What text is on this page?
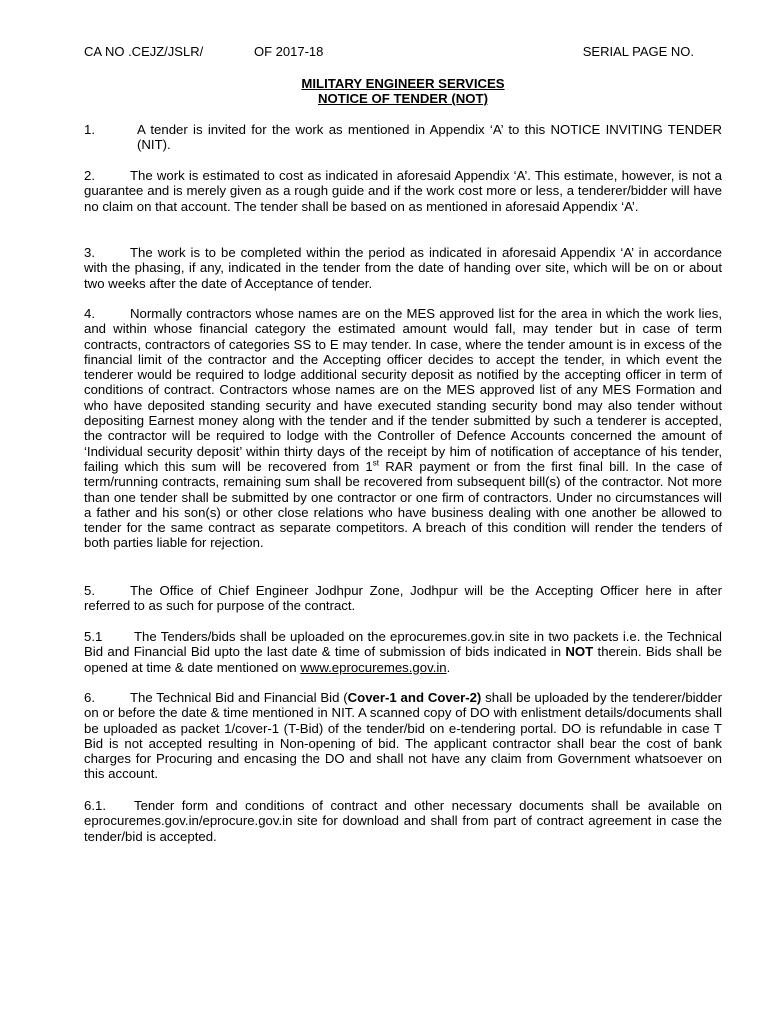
CA NO .CEJZ/JSLR/	OF 2017-18	SERIAL PAGE NO.
MILITARY ENGINEER SERVICES
NOTICE OF TENDER (NOT)
1.	A tender is invited for the work as mentioned in Appendix ‘A’ to this NOTICE INVITING TENDER (NIT).
2.	The work is estimated to cost as indicated in aforesaid Appendix ‘A’. This estimate, however, is not a guarantee and is merely given as a rough guide and if the work cost more or less, a tenderer/bidder will have no claim on that account. The tender shall be based on as mentioned in aforesaid Appendix ‘A’.
3.	The work is to be completed within the period as indicated in aforesaid Appendix ‘A’ in accordance with the phasing, if any, indicated in the tender from the date of handing over site, which will be on or about two weeks after the date of Acceptance of tender.
4.	Normally contractors whose names are on the MES approved list for the area in which the work lies, and within whose financial category the estimated amount would fall, may tender but in case of term contracts, contractors of categories SS to E may tender. In case, where the tender amount is in excess of the financial limit of the contractor and the Accepting officer decides to accept the tender, in which event the tenderer would be required to lodge additional security deposit as notified by the accepting officer in term of conditions of contract. Contractors whose names are on the MES approved list of any MES Formation and who have deposited standing security and have executed standing security bond may also tender without depositing Earnest money along with the tender and if the tender submitted by such a tenderer is accepted, the contractor will be required to lodge with the Controller of Defence Accounts concerned the amount of ‘Individual security deposit’ within thirty days of the receipt by him of notification of acceptance of his tender, failing which this sum will be recovered from 1st RAR payment or from the first final bill. In the case of term/running contracts, remaining sum shall be recovered from subsequent bill(s) of the contractor. Not more than one tender shall be submitted by one contractor or one firm of contractors. Under no circumstances will a father and his son(s) or other close relations who have business dealing with one another be allowed to tender for the same contract as separate competitors. A breach of this condition will render the tenders of both parties liable for rejection.
5.	The Office of Chief Engineer Jodhpur Zone, Jodhpur will be the Accepting Officer here in after referred to as such for purpose of the contract.
5.1 The Tenders/bids shall be uploaded on the eprocuremes.gov.in site in two packets i.e. the Technical Bid and Financial Bid upto the last date & time of submission of bids indicated in NOT therein. Bids shall be opened at time & date mentioned on www.eprocuremes.gov.in.
6.	The Technical Bid and Financial Bid (Cover-1 and Cover-2) shall be uploaded by the tenderer/bidder on or before the date & time mentioned in NIT. A scanned copy of DO with enlistment details/documents shall be uploaded as packet 1/cover-1 (T-Bid) of the tender/bid on e-tendering portal. DO is refundable in case T Bid is not accepted resulting in Non-opening of bid. The applicant contractor shall bear the cost of bank charges for Procuring and encasing the DO and shall not have any claim from Government whatsoever on this account.
6.1. Tender form and conditions of contract and other necessary documents shall be available on eprocuremes.gov.in/eprocure.gov.in site for download and shall from part of contract agreement in case the tender/bid is accepted.
